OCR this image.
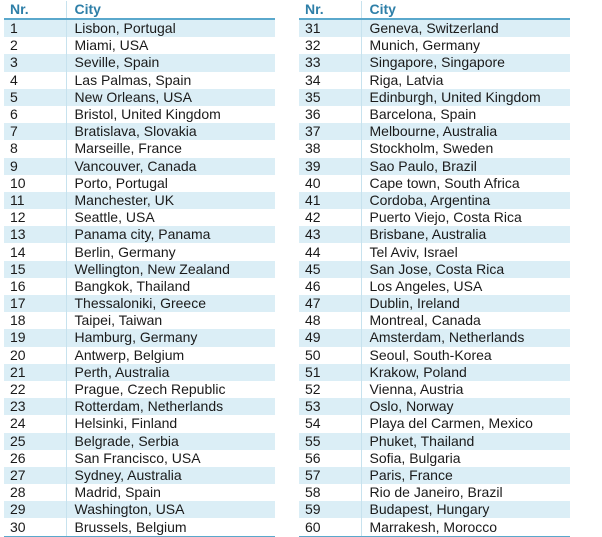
Nr.	City
1	Lisbon, Portugal
2	Miami, USA
3	Seville, Spain
4	Las Palmas, Spain
5	New Orleans, USA
6	Bristol, United Kingdom
7	Bratislava, Slovakia
8	Marseille, France
9	Vancouver, Canada
10	Porto, Portugal
11	Manchester, UK
12	Seattle, USA
13	Panama city, Panama
14	Berlin, Germany
15	Wellington, New Zealand
16	Bangkok, Thailand
17	Thessaloniki, Greece
18	Taipei, Taiwan
19	Hamburg, Germany
20	Antwerp, Belgium
21	Perth, Australia
22	Prague, Czech Republic
23	Rotterdam, Netherlands
24	Helsinki, Finland
25	Belgrade, Serbia
26	San Francisco, USA
27	Sydney, Australia
28	Madrid, Spain
29	Washington, USA
30	Brussels, Belgium
Nr.	City
31	Geneva, Switzerland
32	Munich, Germany
33	Singapore, Singapore
34	Riga, Latvia
35	Edinburgh, United Kingdom
36	Barcelona, Spain
37	Melbourne, Australia
38	Stockholm, Sweden
39	Sao Paulo, Brazil
40	Cape town, South Africa
41	Cordoba, Argentina
42	Puerto Viejo, Costa Rica
43	Brisbane, Australia
44	Tel Aviv, Israel
45	San Jose, Costa Rica
46	Los Angeles, USA
47	Dublin, Ireland
48	Montreal, Canada
49	Amsterdam, Netherlands
50	Seoul, South-Korea
51	Krakow, Poland
52	Vienna, Austria
53	Oslo, Norway
54	Playa del Carmen, Mexico
55	Phuket, Thailand
56	Sofia, Bulgaria
57	Paris, France
58	Rio de Janeiro, Brazil
59	Budapest, Hungary
60	Marrakesh, Morocco
